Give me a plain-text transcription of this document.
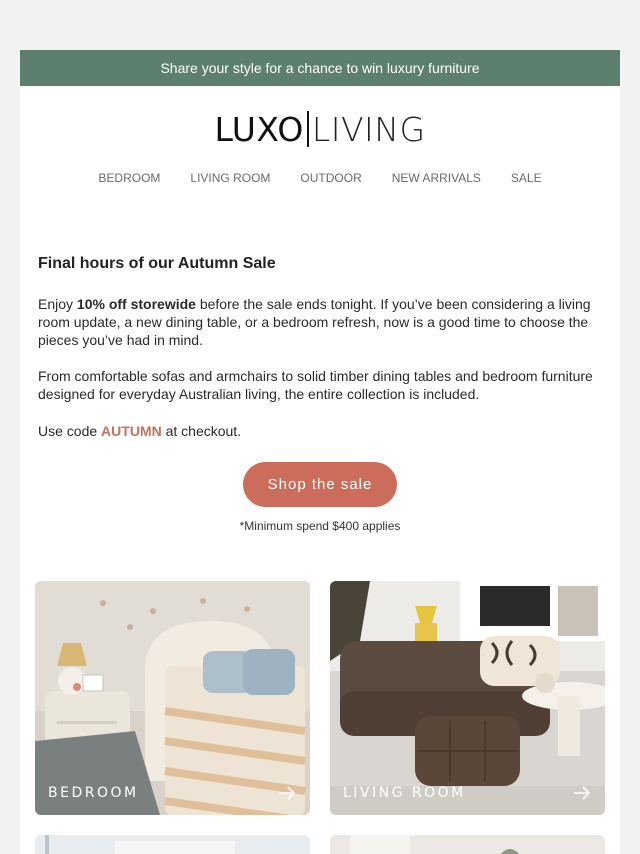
Share your style for a chance to win luxury furniture
LUXO LIVING
BEDROOM	LIVING ROOM	OUTDOOR	NEW ARRIVALS	SALE
Final hours of our Autumn Sale
Enjoy 10% off storewide before the sale ends tonight. If you’ve been considering a living room update, a new dining table, or a bedroom refresh, now is a good time to choose the pieces you’ve had in mind.
From comfortable sofas and armchairs to solid timber dining tables and bedroom furniture designed for everyday Australian living, the entire collection is included.
Use code AUTUMN at checkout.
Shop the sale
*Minimum spend $400 applies
BEDROOM	LIVING ROOM
